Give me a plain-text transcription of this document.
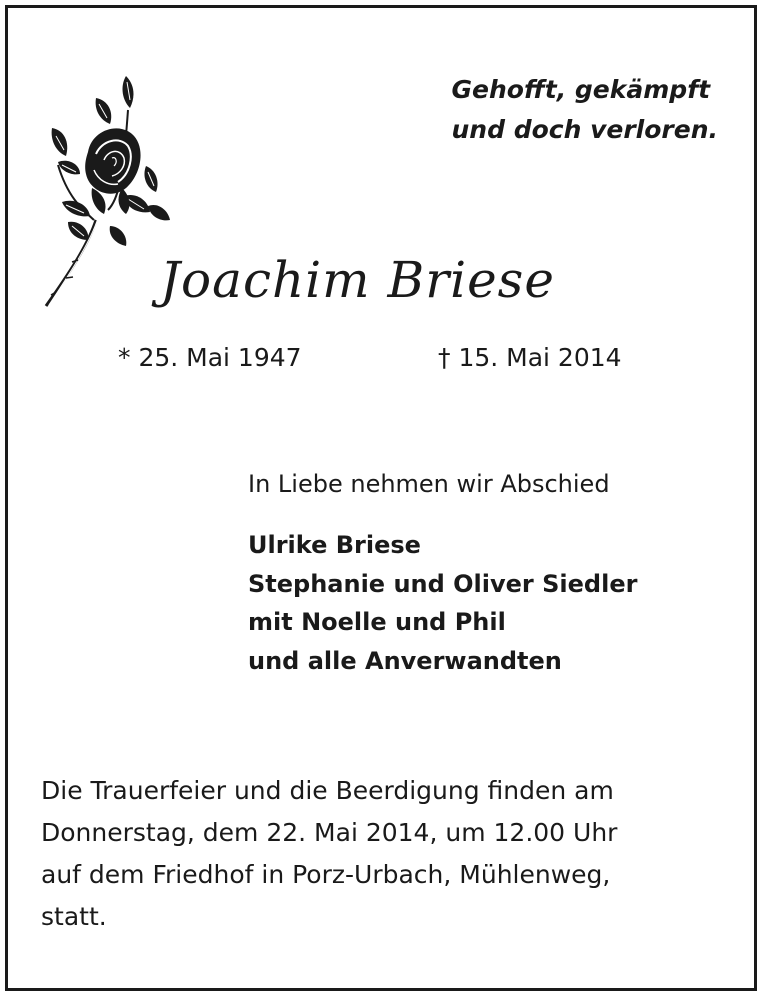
Gehofft, gekämpft
und doch verloren.
Joachim Briese
* 25. Mai 1947	† 15. Mai 2014
In Liebe nehmen wir Abschied
Ulrike Briese
Stephanie und Oliver Siedler
mit Noelle und Phil
und alle Anverwandten
Die Trauerfeier und die Beerdigung finden am
Donnerstag, dem 22. Mai 2014, um 12.00 Uhr
auf dem Friedhof in Porz-Urbach, Mühlenweg,
statt.
